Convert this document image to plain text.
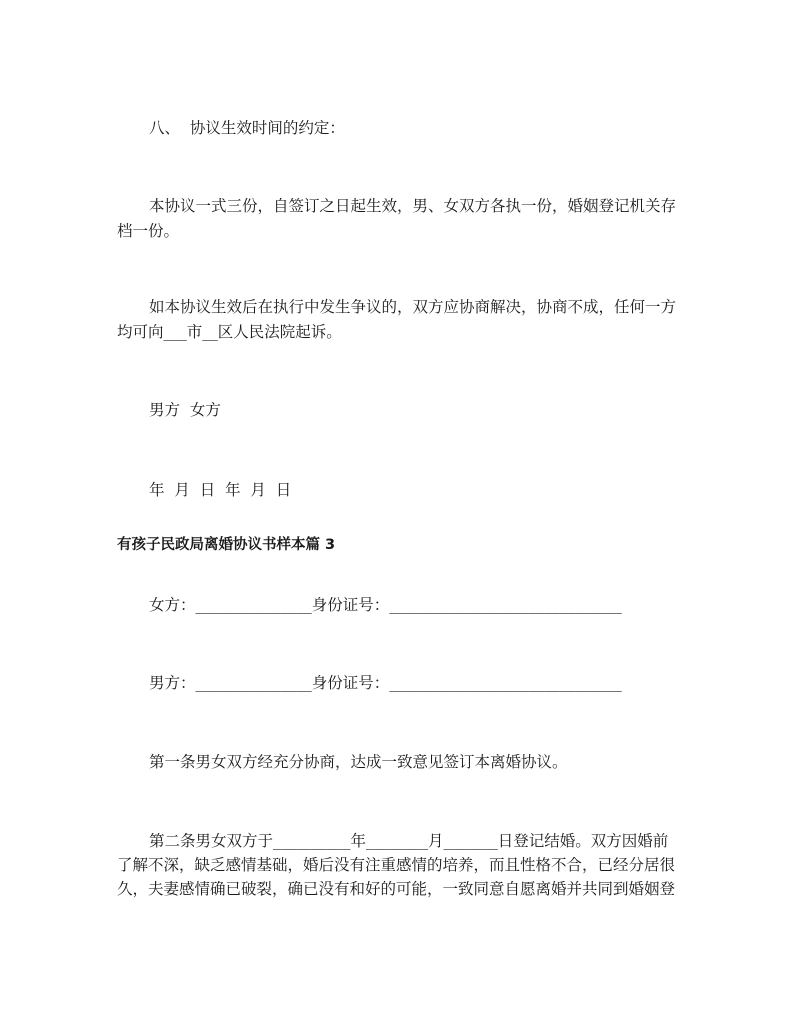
八、  协议生效时间的约定：

本协议一式三份，自签订之日起生效，男、女双方各执一份，婚姻登记机关存

档一份。

如本协议生效后在执行中发生争议的，双方应协商解决，协商不成，任何一方

均可向___市__区人民法院起诉。

男方  女方

年  月  日  年  月  日

有孩子民政局离婚协议书样本篇 3

女方：_______________身份证号：______________________________

男方：_______________身份证号：______________________________

第一条男女双方经充分协商，达成一致意见签订本离婚协议。

第二条男女双方于__________年________月_______日登记结婚。双方因婚前

了解不深，缺乏感情基础，婚后没有注重感情的培养，而且性格不合，已经分居很

久，夫妻感情确已破裂，确已没有和好的可能，一致同意自愿离婚并共同到婚姻登
